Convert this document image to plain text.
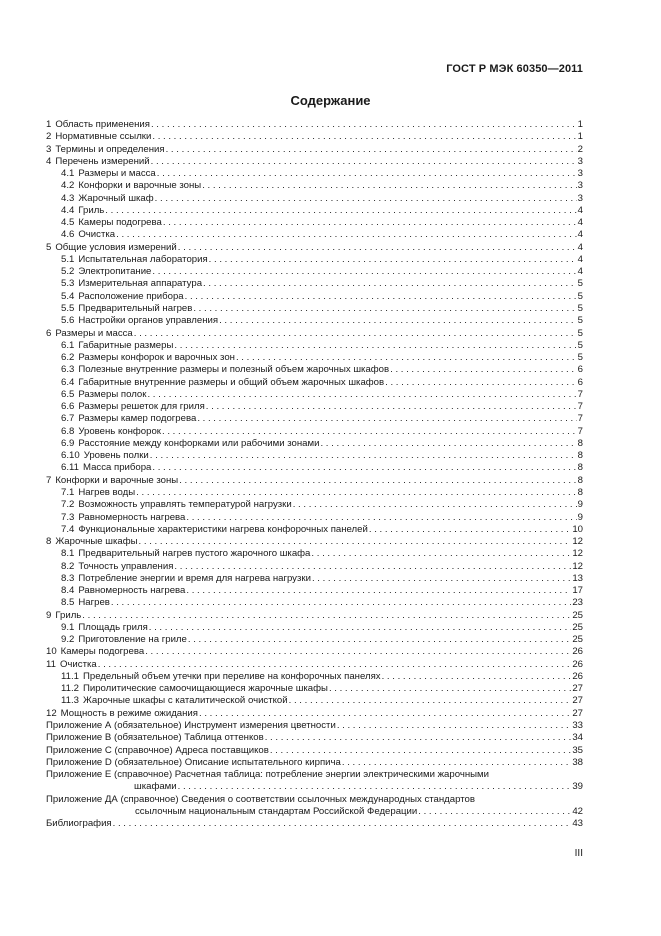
ГОСТ Р МЭК 60350—2011
Содержание
1 Область применения . . .	1
2 Нормативные ссылки . . .	1
3 Термины и определения . . .	2
4 Перечень измерений . . .	3
4.1 Размеры и масса . . .	3
4.2 Конфорки и варочные зоны . . .	3
4.3 Жарочный шкаф . . .	3
4.4 Гриль . . .	4
4.5 Камеры подогрева . . .	4
4.6 Очистка . . .	4
5 Общие условия измерений . . .	4
5.1 Испытательная лаборатория . . .	4
5.2 Электропитание . . .	4
5.3 Измерительная аппаратура . . .	5
5.4 Расположение прибора . . .	5
5.5 Предварительный нагрев . . .	5
5.6 Настройки органов управления . . .	5
6 Размеры и масса . . .	5
6.1 Габаритные размеры . . .	5
6.2 Размеры конфорок и варочных зон . . .	5
6.3 Полезные внутренние размеры и полезный объем жарочных шкафов . . .	6
6.4 Габаритные внутренние размеры и общий объем жарочных шкафов . . .	6
6.5 Размеры полок . . .	7
6.6 Размеры решеток для гриля . . .	7
6.7 Размеры камер подогрева . . .	7
6.8 Уровень конфорок . . .	7
6.9 Расстояние между конфорками или рабочими зонами . . .	8
6.10 Уровень полки . . .	8
6.11 Масса прибора . . .	8
7 Конфорки и варочные зоны . . .	8
7.1 Нагрев воды . . .	8
7.2 Возможность управлять температурой нагрузки . . .	9
7.3 Равномерность нагрева . . .	9
7.4 Функциональные характеристики нагрева конфорочных панелей . . .	10
8 Жарочные шкафы . . .	12
8.1 Предварительный нагрев пустого жарочного шкафа . . .	12
8.2 Точность управления . . .	12
8.3 Потребление энергии и время для нагрева нагрузки . . .	13
8.4 Равномерность нагрева . . .	17
8.5 Нагрев . . .	23
9 Гриль . . .	25
9.1 Площадь гриля . . .	25
9.2 Приготовление на гриле . . .	25
10 Камеры подогрева . . .	26
11 Очистка . . .	26
11.1 Предельный объем утечки при переливе на конфорочных панелях . . .	26
11.2 Пиролитические самоочищающиеся жарочные шкафы . . .	27
11.3 Жарочные шкафы с каталитической очисткой . . .	27
12 Мощность в режиме ожидания . . .	27
Приложение А (обязательное) Инструмент измерения цветности . . .	33
Приложение В (обязательное) Таблица оттенков . . .	34
Приложение С (справочное) Адреса поставщиков . . .	35
Приложение D (обязательное) Описание испытательного кирпича . . .	38
Приложение Е (справочное) Расчетная таблица: потребление энергии электрическими жарочными
шкафами . . .	39
Приложение ДА (справочное) Сведения о соответствии ссылочных международных стандартов
ссылочным национальным стандартам Российской Федерации . . .	42
Библиография . . .	43
III
